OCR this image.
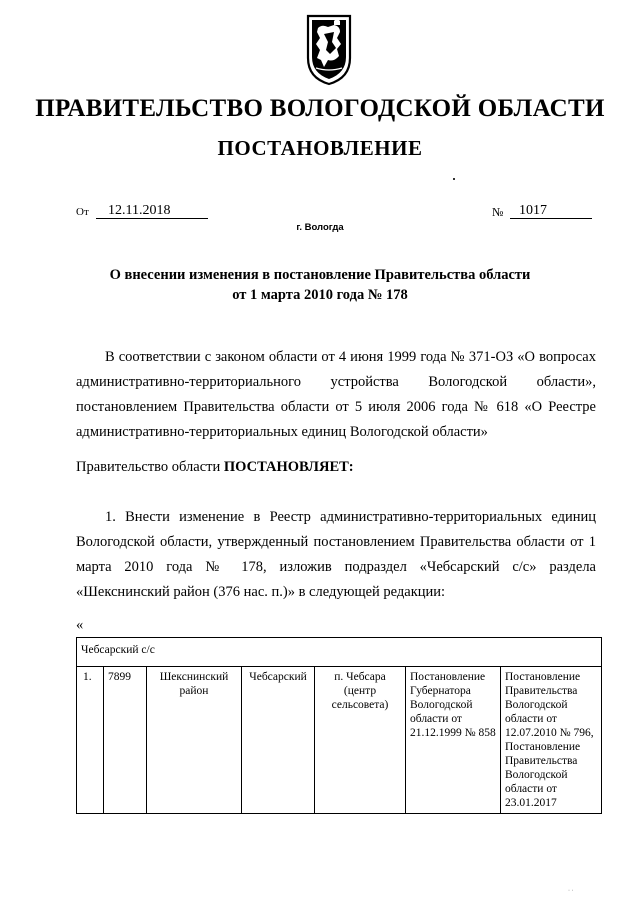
ПРАВИТЕЛЬСТВО ВОЛОГОДСКОЙ ОБЛАСТИ
ПОСТАНОВЛЕНИЕ
От 12.11.2018	№ 1017
г. Вологда
О внесении изменения в постановление Правительства области
от 1 марта 2010 года № 178
В соответствии с законом области от 4 июня 1999 года № 371-ОЗ «О вопросах административно-территориального устройства Вологодской области», постановлением Правительства области от 5 июля 2006 года № 618 «О Реестре административно-территориальных единиц Вологодской области»
Правительство области ПОСТАНОВЛЯЕТ:
1. Внести изменение в Реестр административно-территориальных единиц Вологодской области, утвержденный постановлением Правительства области от 1 марта 2010 года № 178, изложив подраздел «Чебсарский с/с» раздела «Шекснинский район (376 нас. п.)» в следующей редакции:
«
Чебсарский с/с
1.	7899	Шекснинский район	Чебсарский	п. Чебсара (центр сельсовета)	Постановление Губернатора Вологодской области от 21.12.1999 № 858	Постановление Правительства Вологодской области от 12.07.2010 № 796, Постановление Правительства Вологодской области от 23.01.2017
· ·
